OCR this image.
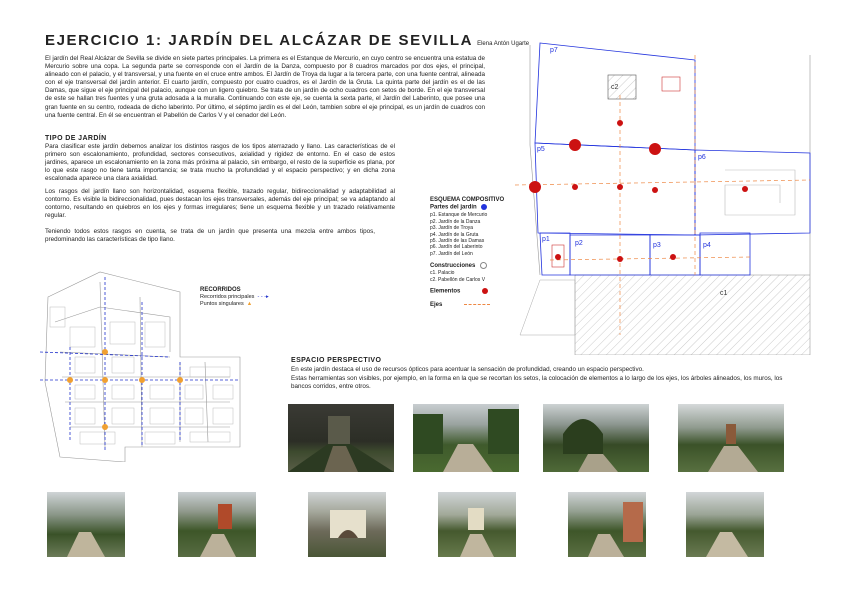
EJERCICIO 1: JARDÍN DEL ALCÁZAR DE SEVILLA Elena Antón Ugarte
El jardín del Real Alcázar de Sevilla se divide en siete partes principales. La primera es el Estanque de Mercurio, en cuyo centro se encuentra una estatua de Mercurio sobre una copa. La segunda parte se corresponde con el Jardín de la Danza, compuesto por 8 cuadros marcados por dos ejes, el principal, alineado con el palacio, y el transversal, y una fuente en el cruce entre ambos. El Jardín de Troya da lugar a la tercera parte, con una fuente central, alineada con el eje transversal del jardín anterior. El cuarto jardín, compuesto por cuatro cuadros, es el Jardín de la Gruta. La quinta parte del jardín es el de las Damas, que sigue el eje principal del palacio, aunque con un ligero quiebro. Se trata de un jardín de ocho cuadros con setos de borde. En el eje transversal de este se hallan tres fuentes y una gruta adosada a la muralla. Continuando con este eje, se cuenta la sexta parte, el Jardín del Laberinto, que posee una gran fuente en su centro, rodeada de dicho laberinto. Por último, el séptimo jardín es el del León, tambien sobre el eje principal, es un jardín de cuadros con una fuente central. En él se encuentran el Pabellón de Carlos V y el cenador del León.
TIPO DE JARDÍN
Para clasificar este jardín debemos analizar los distintos rasgos de los tipos aterrazado y llano. Las características de el primero son escalonamiento, profundidad, sectores consecutivos, axialidad y rigidez de entorno. En el caso de estos jardines, aparece un escalonamiento en la zona más próxima al palacio, sin embargo, el resto de la superficie es plana, por lo que este rasgo no tiene tanta importancia; se trata mucho la profundidad y el espacio perspectivo; y en dicha zona escalonada aparece una clara axialidad.
Los rasgos del jardín llano son horizontalidad, esquema flexible, trazado regular, bidireccionalidad y adaptabilidad al contorno. Es visible la bidireccionalidad, pues destacan los ejes transversales, además del eje principal; se va adaptando al contorno, resultando en quiebros en los ejes y formas irregulares; tiene un esquema flexible y un trazado relativamente regular.
Teniendo todos estos rasgos en cuenta, se trata de un jardín que presenta una mezcla entre ambos tipos, predominando las características de tipo llano.
RECORRIDOS
Recorridos principales  - - -▸
Puntos singulares  ▲
ESQUEMA COMPOSITIVO
Partes del jardín
p1. Estanque de Mercurio
p2. Jardín de la Danza
p3. Jardín de Troya
p4. Jardín de la Gruta
p5. Jardín de las Damas
p6. Jardín del Laberinto
p7. Jardín del León
Construcciones
c1. Palacio
c2. Pabellón de Carlos V
Elementos
Ejes
p7
p5
p6
p1
p2	p3	p4
c2
c1
ESPACIO PERSPECTIVO
En este jardín destaca el uso de recursos ópticos para acentuar la sensación de profundidad, creando un espacio perspectivo.
Estas herramientas son visibles, por ejemplo, en la forma en la que se recortan los setos, la colocación de elementos a lo largo de los ejes, los árboles alineados, los muros, los bancos corridos, entre otros.
